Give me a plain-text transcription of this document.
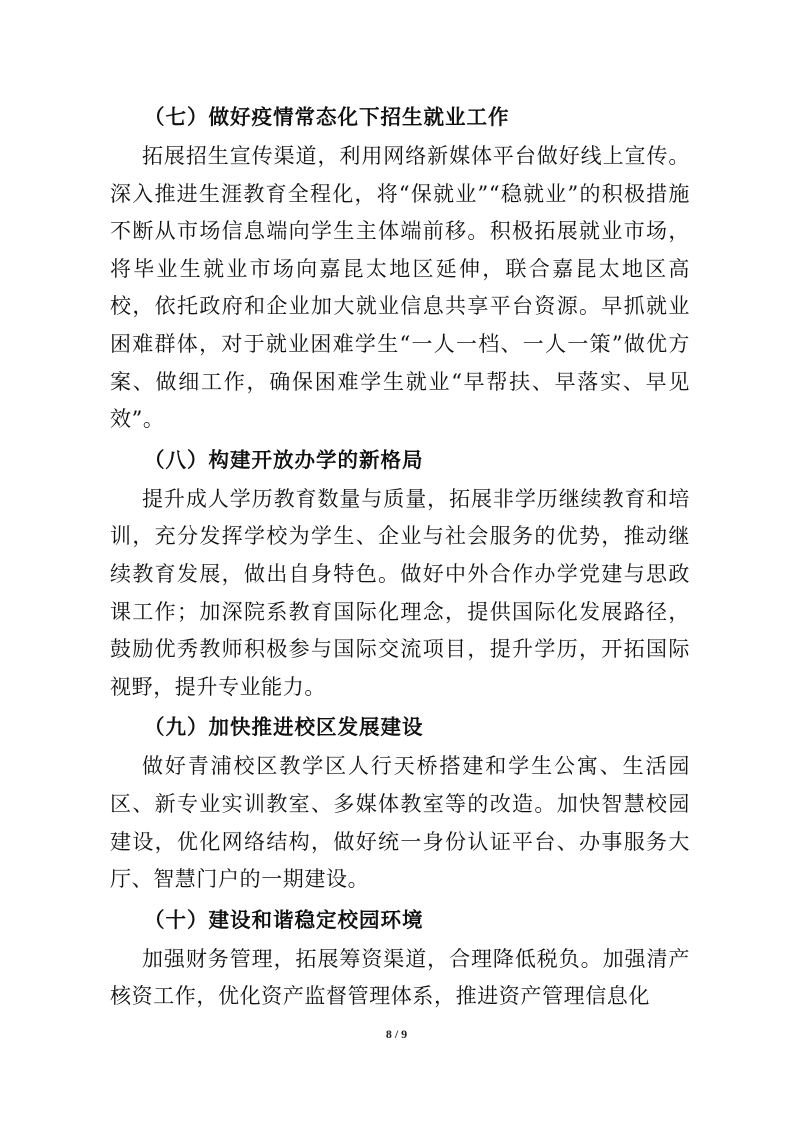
（七）做好疫情常态化下招生就业工作

拓展招生宣传渠道，利用网络新媒体平台做好线上宣传。深入推进生涯教育全程化，将“保就业”“稳就业”的积极措施不断从市场信息端向学生主体端前移。积极拓展就业市场，将毕业生就业市场向嘉昆太地区延伸，联合嘉昆太地区高校，依托政府和企业加大就业信息共享平台资源。早抓就业困难群体，对于就业困难学生“一人一档、一人一策”做优方案、做细工作，确保困难学生就业“早帮扶、早落实、早见效”。

（八）构建开放办学的新格局

提升成人学历教育数量与质量，拓展非学历继续教育和培训，充分发挥学校为学生、企业与社会服务的优势，推动继续教育发展，做出自身特色。做好中外合作办学党建与思政课工作；加深院系教育国际化理念，提供国际化发展路径，鼓励优秀教师积极参与国际交流项目，提升学历，开拓国际视野，提升专业能力。

（九）加快推进校区发展建设

做好青浦校区教学区人行天桥搭建和学生公寓、生活园区、新专业实训教室、多媒体教室等的改造。加快智慧校园建设，优化网络结构，做好统一身份认证平台、办事服务大厅、智慧门户的一期建设。

（十）建设和谐稳定校园环境

加强财务管理，拓展筹资渠道，合理降低税负。加强清产核资工作，优化资产监督管理体系，推进资产管理信息化

8 / 9
